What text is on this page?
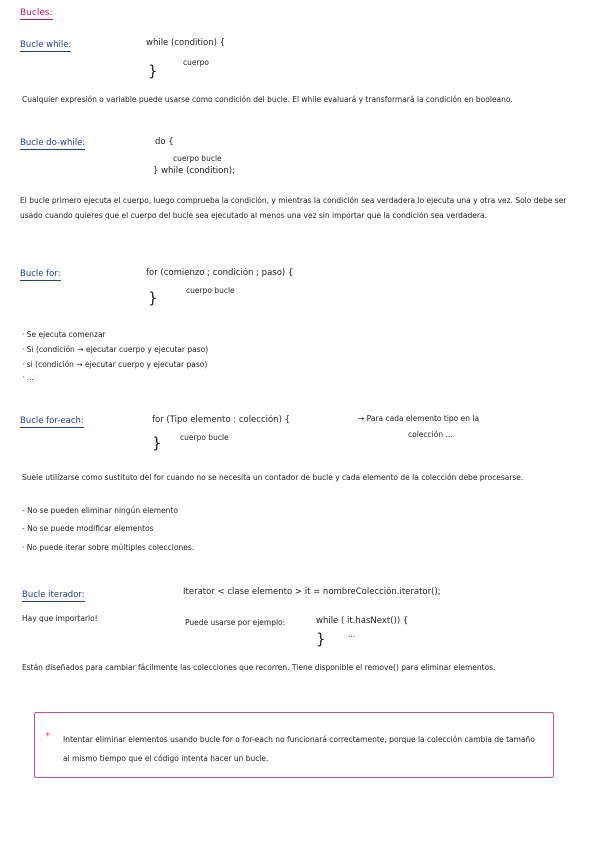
Bucles:
Bucle while:	while (condition) {
cuerpo
}
Cualquier expresión o variable puede usarse como condición del bucle. El while evaluará y transformará la condición en booleano.
Bucle do-while:	do {
cuerpo bucle
} while (condition);
El bucle primero ejecuta el cuerpo, luego comprueba la condición, y mientras la condición sea verdadera lo ejecuta una y otra vez. Solo debe ser usado cuando quieres que el cuerpo del bucle sea ejecutado al menos una vez sin importar que la condición sea verdadera.
Bucle for:	for (comienzo ; condición ; paso) {
cuerpo bucle
}
· Se ejecuta comenzar
· Si (condición → ejecutar cuerpo y ejecutar paso)
· si (condición → ejecutar cuerpo y ejecutar paso)
· ...
Bucle for-each:	for (Tipo elemento : colección) {
cuerpo bucle
}
→ Para cada elemento tipo en la
colección ...
Suele utilizarse como sustituto del for cuando no se necesita un contador de bucle y cada elemento de la colección debe procesarse.
- No se pueden eliminar ningún elemento
- No se puede modificar elementos
· No puede iterar sobre múltiples colecciones.
Bucle iterador:
Hay que importarlo!
Iterator < clase elemento > it = nombreColección.iterator();
Puede usarse por ejemplo:	while ( it.hasNext()) {
...
}
Están diseñados para cambiar fácilmente las colecciones que recorren. Tiene disponible el remove() para eliminar elementos.
* Intentar eliminar elementos usando bucle for o for-each no funcionará correctamente, porque la colección cambia de tamaño al mismo tiempo que el código intenta hacer un bucle.
